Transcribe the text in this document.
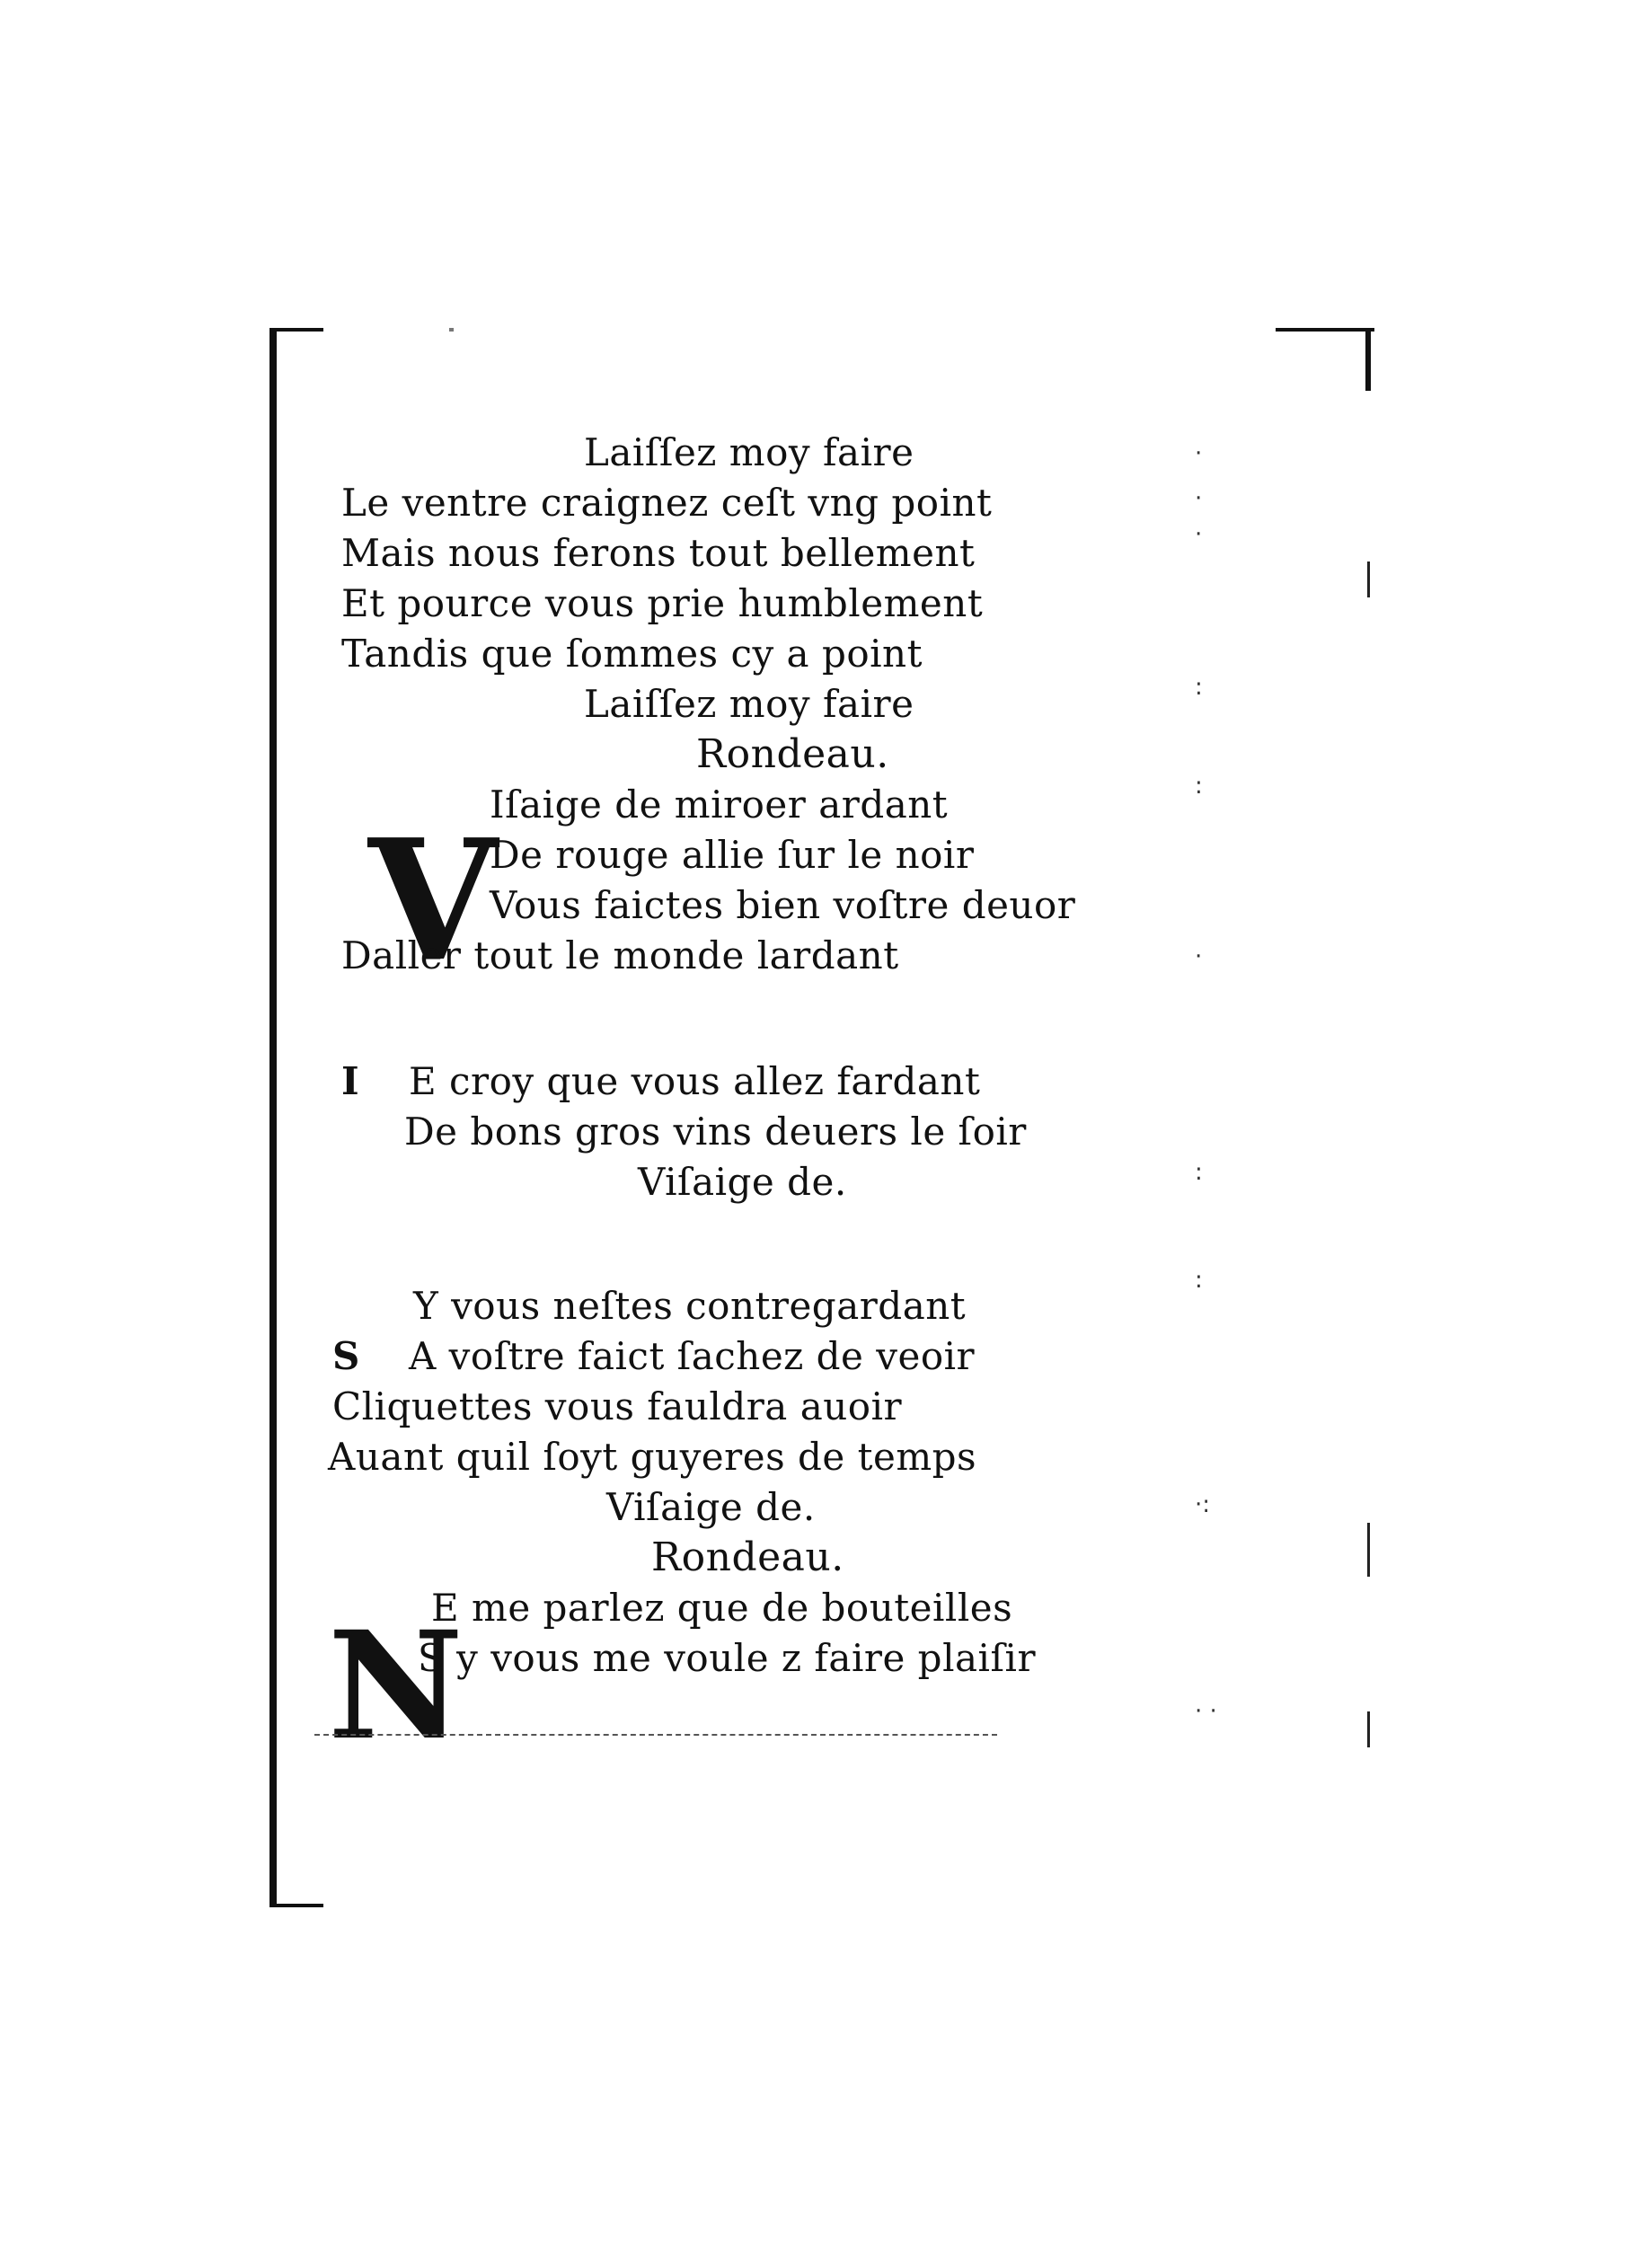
·
·
·
:
:
·
:
:
·:
· ·
Laiſſez moy faire
Le ventre craignez ceſt vng point
Mais nous ferons tout bellement
Et pource vous prie humblement
Tandis que ſommes cy a point
Laiſſez moy faire
Rondeau.
V
Iſaige de miroer ardant
De rouge allie ſur le noir
Vous faictes bien voſtre deuor
Daller tout le monde lardant
I E croy que vous allez fardant
De bons gros vins deuers le ſoir
Viſaige de.
Y vous neſtes contregardant
S A voſtre faict ſachez de veoir
Cliquettes vous fauldra auoir
Auant quil ſoyt guyeres de temps
Viſaige de.
Rondeau.
N
E me parlez que de bouteilles
S y vous me voule z faire plaiſir
